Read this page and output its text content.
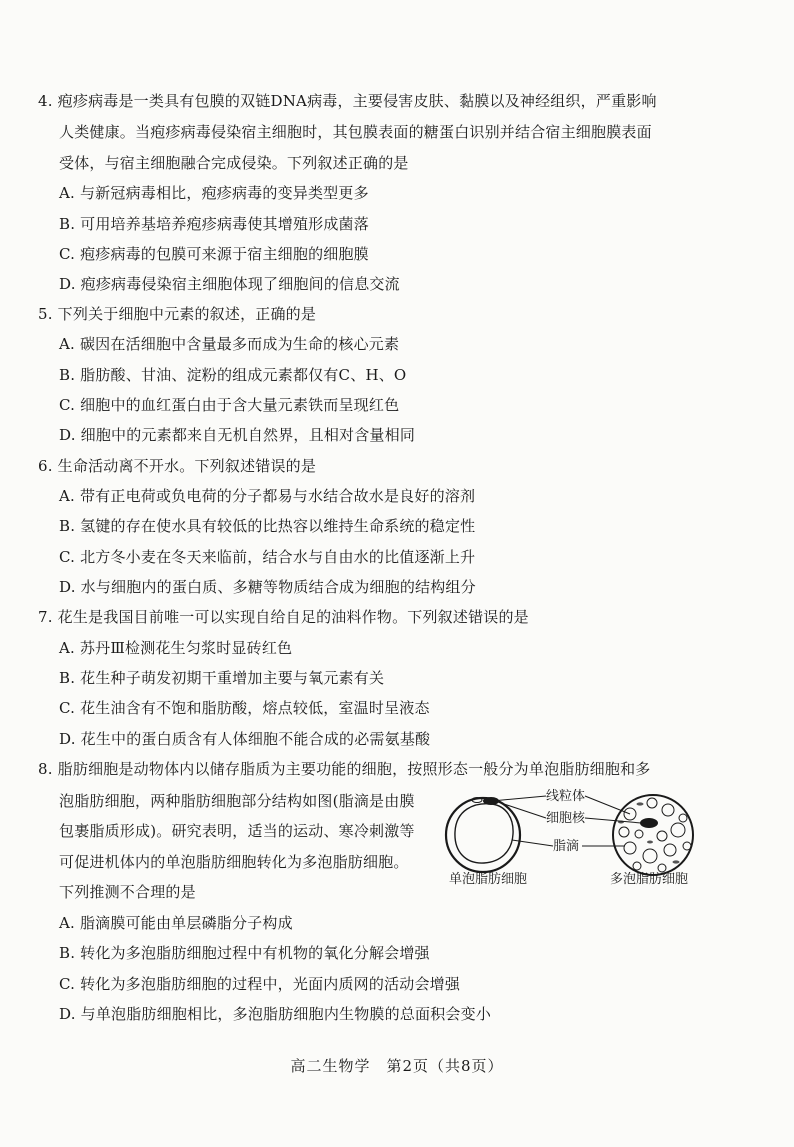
4. 疱疹病毒是一类具有包膜的双链DNA病毒，主要侵害皮肤、黏膜以及神经组织，严重影响
人类健康。当疱疹病毒侵染宿主细胞时，其包膜表面的糖蛋白识别并结合宿主细胞膜表面
受体，与宿主细胞融合完成侵染。下列叙述正确的是
A. 与新冠病毒相比，疱疹病毒的变异类型更多
B. 可用培养基培养疱疹病毒使其增殖形成菌落
C. 疱疹病毒的包膜可来源于宿主细胞的细胞膜
D. 疱疹病毒侵染宿主细胞体现了细胞间的信息交流
5. 下列关于细胞中元素的叙述，正确的是
A. 碳因在活细胞中含量最多而成为生命的核心元素
B. 脂肪酸、甘油、淀粉的组成元素都仅有C、H、O
C. 细胞中的血红蛋白由于含大量元素铁而呈现红色
D. 细胞中的元素都来自无机自然界，且相对含量相同
6. 生命活动离不开水。下列叙述错误的是
A. 带有正电荷或负电荷的分子都易与水结合故水是良好的溶剂
B. 氢键的存在使水具有较低的比热容以维持生命系统的稳定性
C. 北方冬小麦在冬天来临前，结合水与自由水的比值逐渐上升
D. 水与细胞内的蛋白质、多糖等物质结合成为细胞的结构组分
7. 花生是我国目前唯一可以实现自给自足的油料作物。下列叙述错误的是
A. 苏丹Ⅲ检测花生匀浆时显砖红色
B. 花生种子萌发初期干重增加主要与氧元素有关
C. 花生油含有不饱和脂肪酸，熔点较低，室温时呈液态
D. 花生中的蛋白质含有人体细胞不能合成的必需氨基酸
8. 脂肪细胞是动物体内以储存脂质为主要功能的细胞，按照形态一般分为单泡脂肪细胞和多
泡脂肪细胞，两种脂肪细胞部分结构如图(脂滴是由膜
包裹脂质形成)。研究表明，适当的运动、寒冷刺激等
可促进机体内的单泡脂肪细胞转化为多泡脂肪细胞。
下列推测不合理的是
A. 脂滴膜可能由单层磷脂分子构成
B. 转化为多泡脂肪细胞过程中有机物的氧化分解会增强
C. 转化为多泡脂肪细胞的过程中，光面内质网的活动会增强
D. 与单泡脂肪细胞相比，多泡脂肪细胞内生物膜的总面积会变小
线粒体
细胞核
脂滴
单泡脂肪细胞	多泡脂肪细胞
高二生物学　第2页（共8页）
